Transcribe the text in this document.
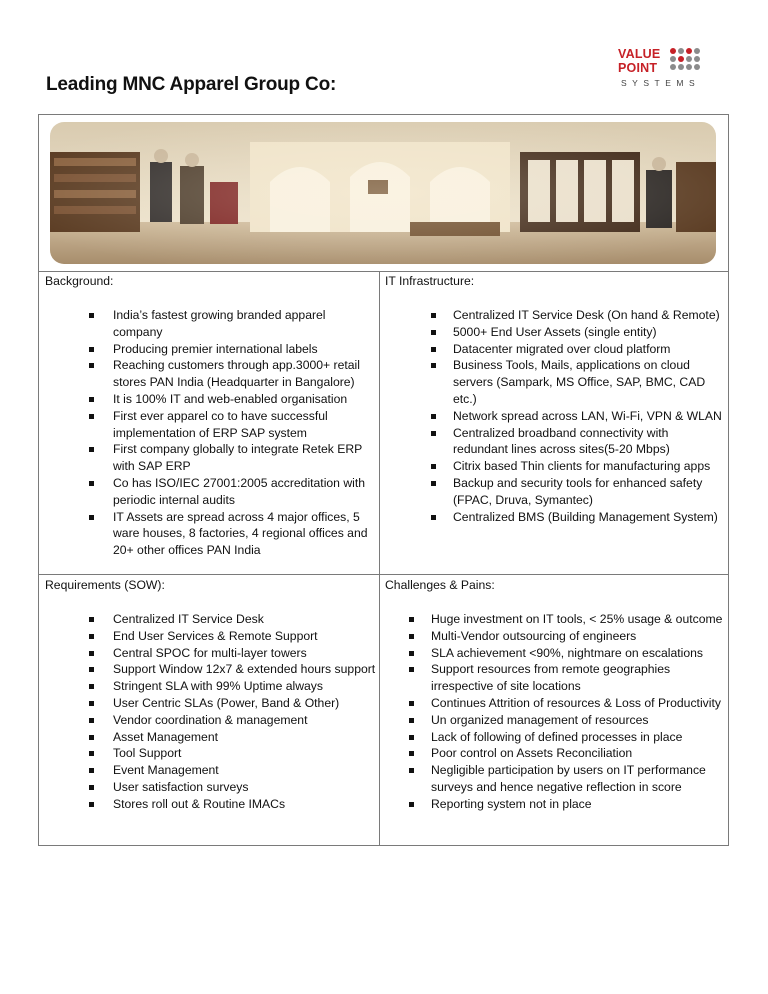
Leading MNC Apparel Group Co:
VALUE
POINT
SYSTEMS
Background:
India’s fastest growing branded apparel company
Producing premier international labels
Reaching customers through app.3000+ retail stores PAN India (Headquarter in Bangalore)
It is 100% IT and web-enabled organisation
First ever apparel co to have successful implementation of ERP SAP system
First company globally to integrate Retek ERP with SAP ERP
Co has ISO/IEC 27001:2005 accreditation with periodic internal audits
IT Assets are spread across 4 major offices, 5 ware houses, 8 factories, 4 regional offices and 20+ other offices PAN India
IT Infrastructure:
Centralized IT Service Desk (On hand & Remote)
5000+ End User Assets (single entity)
Datacenter migrated over cloud platform
Business Tools, Mails, applications on cloud servers (Sampark, MS Office, SAP, BMC, CAD etc.)
Network spread across LAN, Wi-Fi, VPN & WLAN
Centralized broadband connectivity with redundant lines across sites(5-20 Mbps)
Citrix based Thin clients for manufacturing apps
Backup and security tools for enhanced safety (FPAC, Druva, Symantec)
Centralized BMS (Building Management System)
Requirements (SOW):
Centralized IT Service Desk
End User Services & Remote Support
Central SPOC for multi-layer towers
Support Window 12x7 & extended hours support
Stringent SLA with 99% Uptime always
User Centric SLAs (Power, Band & Other)
Vendor coordination & management
Asset Management
Tool Support
Event Management
User satisfaction surveys
Stores roll out & Routine IMACs
Challenges & Pains:
Huge investment on IT tools, < 25% usage & outcome
Multi-Vendor outsourcing of engineers
SLA achievement <90%, nightmare on escalations
Support resources from remote geographies irrespective of site locations
Continues Attrition of resources & Loss of Productivity
Un organized management of resources
Lack of following of defined processes in place
Poor control on Assets Reconciliation
Negligible participation by users on IT performance surveys and hence negative reflection in score
Reporting system not in place
